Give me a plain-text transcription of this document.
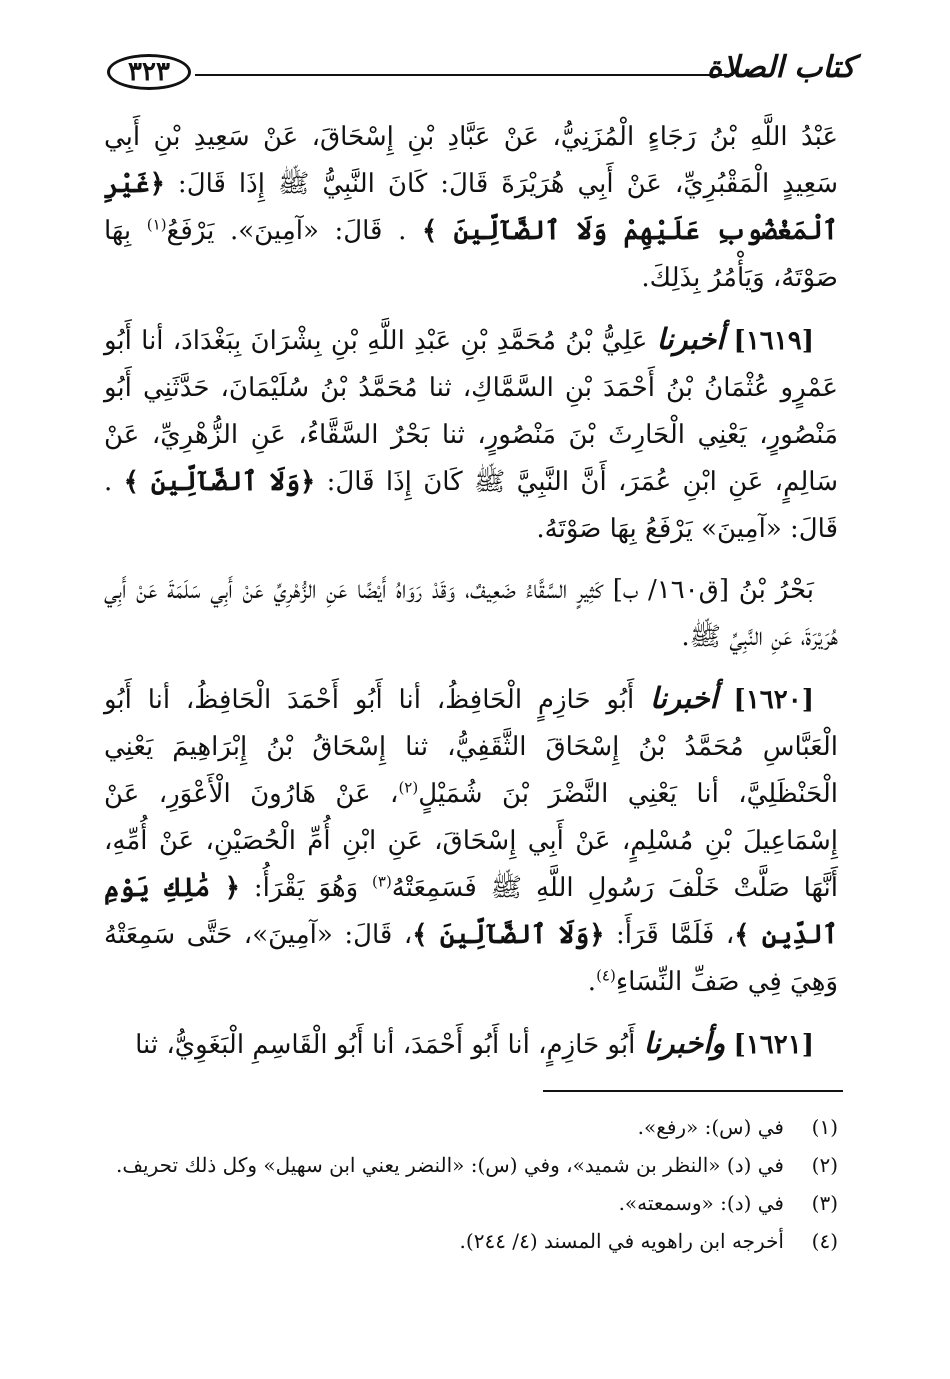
٣٢٣	كتاب الصلاة

عَبْدُ اللَّهِ بْنُ رَجَاءٍ الْمُزَنِيُّ، عَنْ عَبَّادِ بْنِ إِسْحَاقَ، عَنْ سَعِيدِ بْنِ أَبِي سَعِيدٍ الْمَقْبُرِيِّ، عَنْ أَبِي هُرَيْرَةَ قَالَ: كَانَ النَّبِيُّ ﷺ إِذَا قَالَ: ﴿غَيْرِ ٱلْمَغْضُوبِ عَلَيْهِمْ وَلَا ٱلضَّآلِّينَ ﴾ . قَالَ: «آمِينَ». يَرْفَعُ$^{(١)}$ بِهَا صَوْتَهُ، وَيَأْمُرُ بِذَلِكَ.

[١٦١٩] أخبرنا عَلِيُّ بْنُ مُحَمَّدِ بْنِ عَبْدِ اللَّهِ بْنِ بِشْرَانَ بِبَغْدَادَ، أنا أَبُو عَمْرٍو عُثْمَانُ بْنُ أَحْمَدَ بْنِ السَّمَّاكِ، ثنا مُحَمَّدُ بْنُ سُلَيْمَانَ، حَدَّثَنِي أَبُو مَنْصُورٍ، يَعْنِي الْحَارِثَ بْنَ مَنْصُورٍ، ثنا بَحْرٌ السَّقَّاءُ، عَنِ الزُّهْرِيِّ، عَنْ سَالِمٍ، عَنِ ابْنِ عُمَرَ، أَنَّ النَّبِيَّ ﷺ كَانَ إِذَا قَالَ: ﴿وَلَا ٱلضَّآلِّينَ ﴾ . قَالَ: «آمِينَ» يَرْفَعُ بِهَا صَوْتَهُ.

بَحْرُ بْنُ [ق١٦٠/ ب] كَثِيرٍ السَّقَّاءُ ضَعِيفٌ، وَقَدْ رَوَاهُ أَيْضًا عَنِ الزُّهْرِيِّ عَنْ أَبِي سَلَمَةَ عَنْ أَبِي هُرَيْرَةَ، عَنِ النَّبِيِّ ﷺ.

[١٦٢٠] أخبرنا أَبُو حَازِمٍ الْحَافِظُ، أنا أَبُو أَحْمَدَ الْحَافِظُ، أنا أَبُو الْعَبَّاسِ مُحَمَّدُ بْنُ إِسْحَاقَ الثَّقَفِيُّ، ثنا إِسْحَاقُ بْنُ إِبْرَاهِيمَ يَعْنِي الْحَنْظَلِيَّ، أنا يَعْنِي النَّضْرَ بْنَ شُمَيْلٍ$^{(٢)}$، عَنْ هَارُونَ الْأَعْوَرِ، عَنْ إِسْمَاعِيلَ بْنِ مُسْلِمٍ، عَنْ أَبِي إِسْحَاقَ، عَنِ ابْنِ أُمِّ الْحُصَيْنِ، عَنْ أُمِّهِ، أَنَّهَا صَلَّتْ خَلْفَ رَسُولِ اللَّهِ ﷺ فَسَمِعَتْهُ$^{(٣)}$ وَهُوَ يَقْرَأُ: ﴿ مَٰلِكِ يَوْمِ ٱلدِّينِ ﴾، فَلَمَّا قَرَأَ: ﴿وَلَا ٱلضَّآلِّينَ ﴾، قَالَ: «آمِينَ»، حَتَّى سَمِعَتْهُ وَهِيَ فِي صَفِّ النِّسَاءِ$^{(٤)}$.

[١٦٢١] وأخبرنا أَبُو حَازِمٍ، أنا أَبُو أَحْمَدَ، أنا أَبُو الْقَاسِمِ الْبَغَوِيُّ، ثنا

(١)
في (س): «رفع».
(٢)
في (د) «النظر بن شميد»، وفي (س): «النضر يعني ابن سهيل» وكل ذلك تحريف.
(٣)
في (د): «وسمعته».
(٤)
أخرجه ابن راهويه في المسند (٤/ ٢٤٤).
